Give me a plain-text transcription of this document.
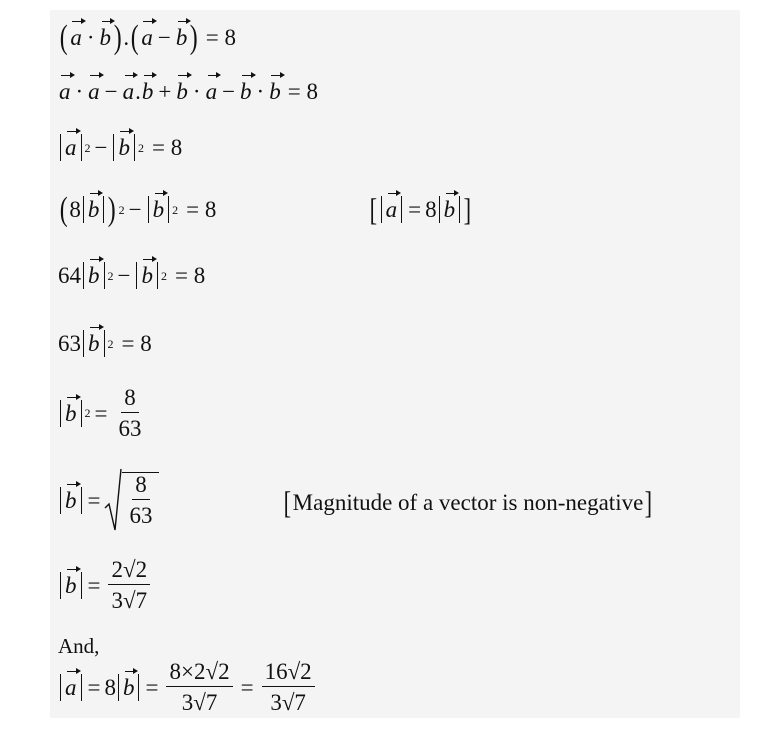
( a · b ) . ( a − b ) = 8
a · a − a . b + b · a − b · b = 8
a 2 − b 2 = 8
( 8 b ) 2 − b 2 = 8	[ a = 8 b ]
64 b 2 − b 2 = 8
63 b 2 = 8
b $2 = \frac{8}{63}$
$b = \frac{8}{63}$	[ Magnitude of a vector is non-negative ]
$b = \frac{2√2}{3√7}$
And,
a = 8 $b = \frac{8\times 2√2}{3√7} = \frac{16√2}{3√7}$
